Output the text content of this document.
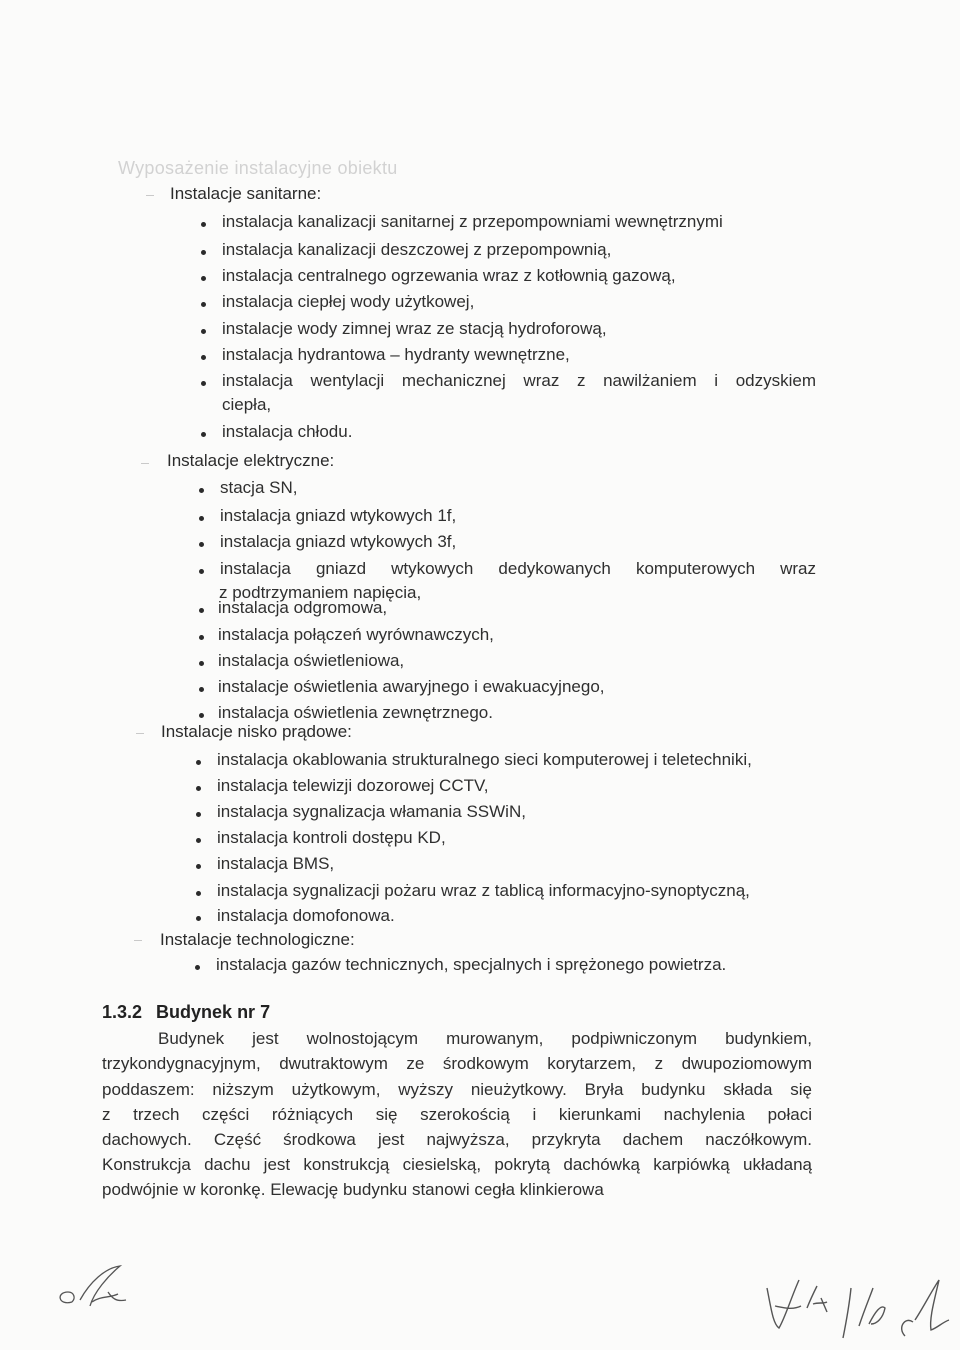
Wyposażenie instalacyjne obiektu
Instalacje sanitarne:
instalacja kanalizacji sanitarnej z przepompowniami wewnętrznymi
instalacja kanalizacji deszczowej z przepompownią,
instalacja centralnego ogrzewania wraz z kotłownią gazową,
instalacja ciepłej wody użytkowej,
instalacje wody zimnej wraz ze stacją hydroforową,
instalacja hydrantowa – hydranty wewnętrzne,
instalacja wentylacji mechanicznej wraz z nawilżaniem i odzyskiem
ciepła,
instalacja chłodu.
Instalacje elektryczne:
stacja SN,
instalacja gniazd wtykowych 1f,
instalacja gniazd wtykowych 3f,
instalacja gniazd wtykowych dedykowanych komputerowych wraz
z podtrzymaniem napięcia,
instalacja odgromowa,
instalacja połączeń wyrównawczych,
instalacja oświetleniowa,
instalacje oświetlenia awaryjnego i ewakuacyjnego,
instalacja oświetlenia zewnętrznego.
Instalacje nisko prądowe:
instalacja okablowania strukturalnego sieci komputerowej i teletechniki,
instalacja telewizji dozorowej CCTV,
instalacja sygnalizacja włamania SSWiN,
instalacja kontroli dostępu KD,
instalacja BMS,
instalacja sygnalizacji pożaru wraz z tablicą informacyjno-synoptyczną,
instalacja domofonowa.
Instalacje technologiczne:
instalacja gazów technicznych, specjalnych i sprężonego powietrza.
1.3.2 Budynek nr 7
Budynek jest wolnostojącym murowanym, podpiwniczonym budynkiem,
trzykondygnacyjnym, dwutraktowym ze środkowym korytarzem, z dwupoziomowym
poddaszem: niższym użytkowym, wyższy nieużytkowy. Bryła budynku składa się
z trzech części różniących się szerokością i kierunkami nachylenia połaci
dachowych. Część środkowa jest najwyższa, przykryta dachem naczółkowym.
Konstrukcja dachu jest konstrukcją ciesielską, pokrytą dachówką karpiówką układaną
podwójnie w koronkę. Elewację budynku stanowi cegła klinkierowa
